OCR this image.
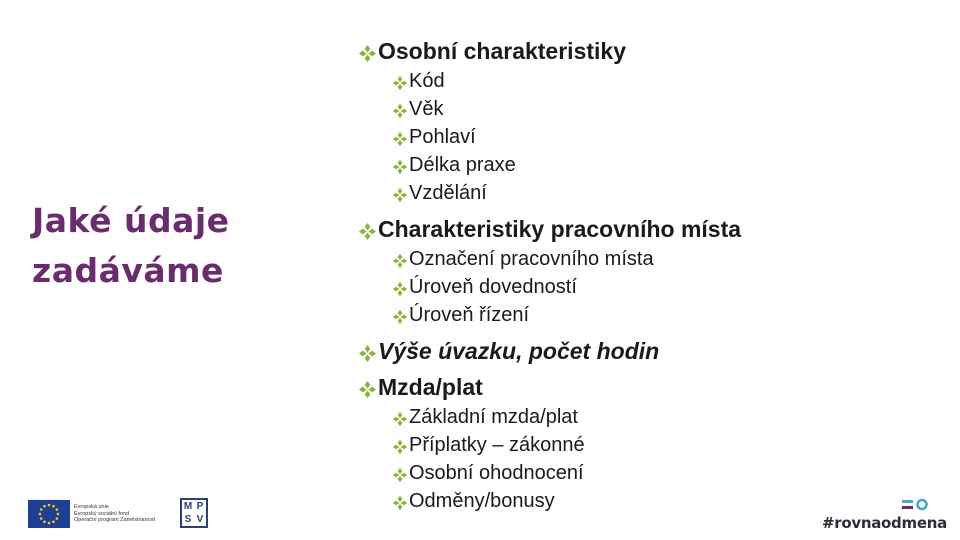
Jaké údaje
zadáváme
Osobní charakteristiky
Kód
Věk
Pohlaví
Délka praxe
Vzdělání
Charakteristiky pracovního místa
Označení pracovního místa
Úroveň dovedností
Úroveň řízení
Výše úvazku, počet hodin
Mzda/plat
Základní mzda/plat
Příplatky – zákonné
Osobní ohodnocení
Odměny/bonusy
Evropská unie
Evropský sociální fond
Operační program Zaměstnanost
M P
S V	#rovnaodmena
